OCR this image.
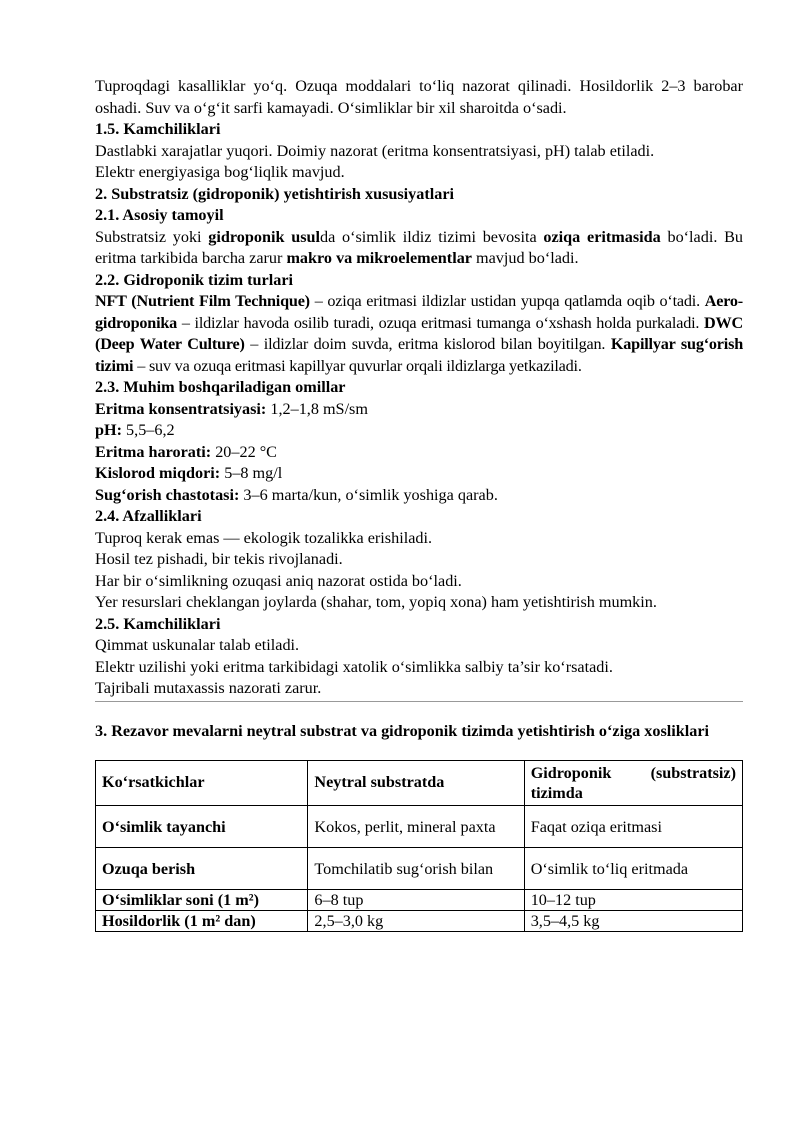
Tuproqdagi kasalliklar yo‘q. Ozuqa moddalari to‘liq nazorat qilinadi. Hosildorlik 2–3 barobar oshadi. Suv va o‘g‘it sarfi kamayadi. O‘simliklar bir xil sharoitda o‘sadi.

1.5. Kamchiliklari

Dastlabki xarajatlar yuqori. Doimiy nazorat (eritma konsentratsiyasi, pH) talab etiladi.

Elektr energiyasiga bog‘liqlik mavjud.

2. Substratsiz (gidroponik) yetishtirish xususiyatlari

2.1. Asosiy tamoyil

Substratsiz yoki gidroponik usulda o‘simlik ildiz tizimi bevosita oziqa eritmasida bo‘ladi. Bu eritma tarkibida barcha zarur makro va mikroelementlar mavjud bo‘ladi.

2.2. Gidroponik tizim turlari

NFT (Nutrient Film Technique) – oziqa eritmasi ildizlar ustidan yupqa qatlamda oqib o‘tadi. Aero-gidroponika – ildizlar havoda osilib turadi, ozuqa eritmasi tumanga o‘xshash holda purkaladi. DWC (Deep Water Culture) – ildizlar doim suvda, eritma kislorod bilan boyitilgan. Kapillyar sug‘orish tizimi – suv va ozuqa eritmasi kapillyar quvurlar orqali ildizlarga yetkaziladi.

2.3. Muhim boshqariladigan omillar

Eritma konsentratsiyasi: 1,2–1,8 mS/sm

pH: 5,5–6,2

Eritma harorati: 20–22 °C

Kislorod miqdori: 5–8 mg/l

Sug‘orish chastotasi: 3–6 marta/kun, o‘simlik yoshiga qarab.

2.4. Afzalliklari

Tuproq kerak emas — ekologik tozalikka erishiladi.

Hosil tez pishadi, bir tekis rivojlanadi.

Har bir o‘simlikning ozuqasi aniq nazorat ostida bo‘ladi.

Yer resurslari cheklangan joylarda (shahar, tom, yopiq xona) ham yetishtirish mumkin.

2.5. Kamchiliklari

Qimmat uskunalar talab etiladi.

Elektr uzilishi yoki eritma tarkibidagi xatolik o‘simlikka salbiy ta’sir ko‘rsatadi.

Tajribali mutaxassis nazorati zarur.

3. Rezavor mevalarni neytral substrat va gidroponik tizimda yetishtirish o‘ziga xosliklari

Ko‘rsatkichlar	Neytral substratda	Gidroponik (substratsiz) tizimda

O‘simlik tayanchi	Kokos, perlit, mineral paxta	Faqat oziqa eritmasi
Ozuqa berish	Tomchilatib sug‘orish bilan	O‘simlik to‘liq eritmada
O‘simliklar soni (1 m²)	6–8 tup	10–12 tup
Hosildorlik (1 m² dan)	2,5–3,0 kg	3,5–4,5 kg
